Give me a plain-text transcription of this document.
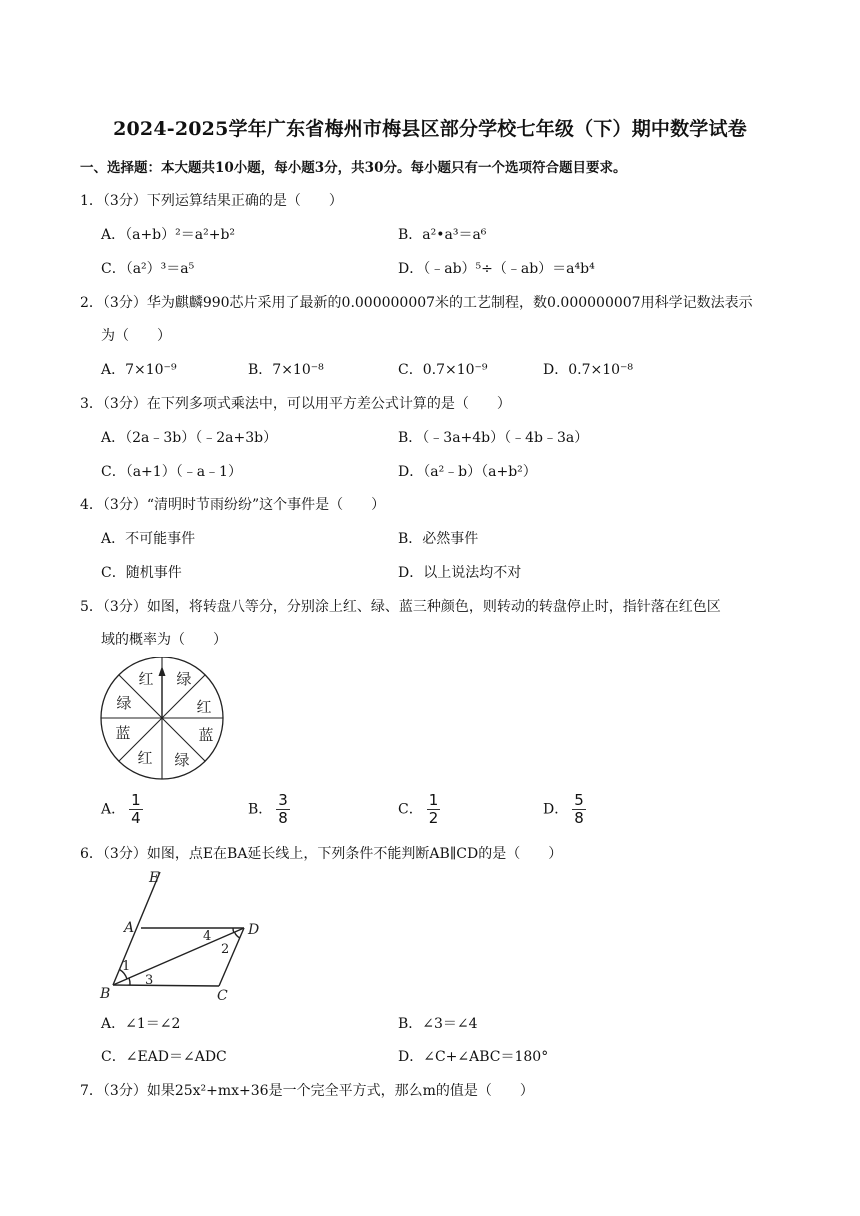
2024-2025学年广东省梅州市梅县区部分学校七年级（下）期中数学试卷
一、选择题：本大题共10小题，每小题3分，共30分。每小题只有一个选项符合题目要求。
1．（3分）下列运算结果正确的是（　　）
A．（a+b）²＝a²+b²	B．a²•a³＝a⁶
C．（a²）³＝a⁵	D．（﹣ab）⁵÷（﹣ab）＝a⁴b⁴
2．（3分）华为麒麟990芯片采用了最新的0.000000007米的工艺制程，数0.000000007用科学记数法表示
为（　　）
A．7×10⁻⁹	B．7×10⁻⁸	C．0.7×10⁻⁹	D．0.7×10⁻⁸
3．（3分）在下列多项式乘法中，可以用平方差公式计算的是（　　）
A．（2a﹣3b）（﹣2a+3b）	B．（﹣3a+4b）（﹣4b﹣3a）
C．（a+1）（﹣a﹣1）	D．（a²﹣b）（a+b²）
4．（3分）“清明时节雨纷纷”这个事件是（　　）
A．不可能事件	B．必然事件
C．随机事件	D．以上说法均不对
5．（3分）如图，将转盘八等分，分别涂上红、绿、蓝三种颜色，则转动的转盘停止时，指针落在红色区
域的概率为（　　）
红 绿
红
蓝
绿
红
蓝
绿
A． $\frac{1}{4}$	B． $\frac{3}{8}$	C． $\frac{1}{2}$	D． $\frac{5}{8}$
6．（3分）如图，点E在BA延长线上，下列条件不能判断AB∥CD的是（　　）
E
A	D
B	C
1
2
3
4
A．∠1＝∠2	B．∠3＝∠4
C．∠EAD＝∠ADC	D．∠C+∠ABC＝180°
7．（3分）如果25x²+mx+36是一个完全平方式，那么m的值是（　　）
